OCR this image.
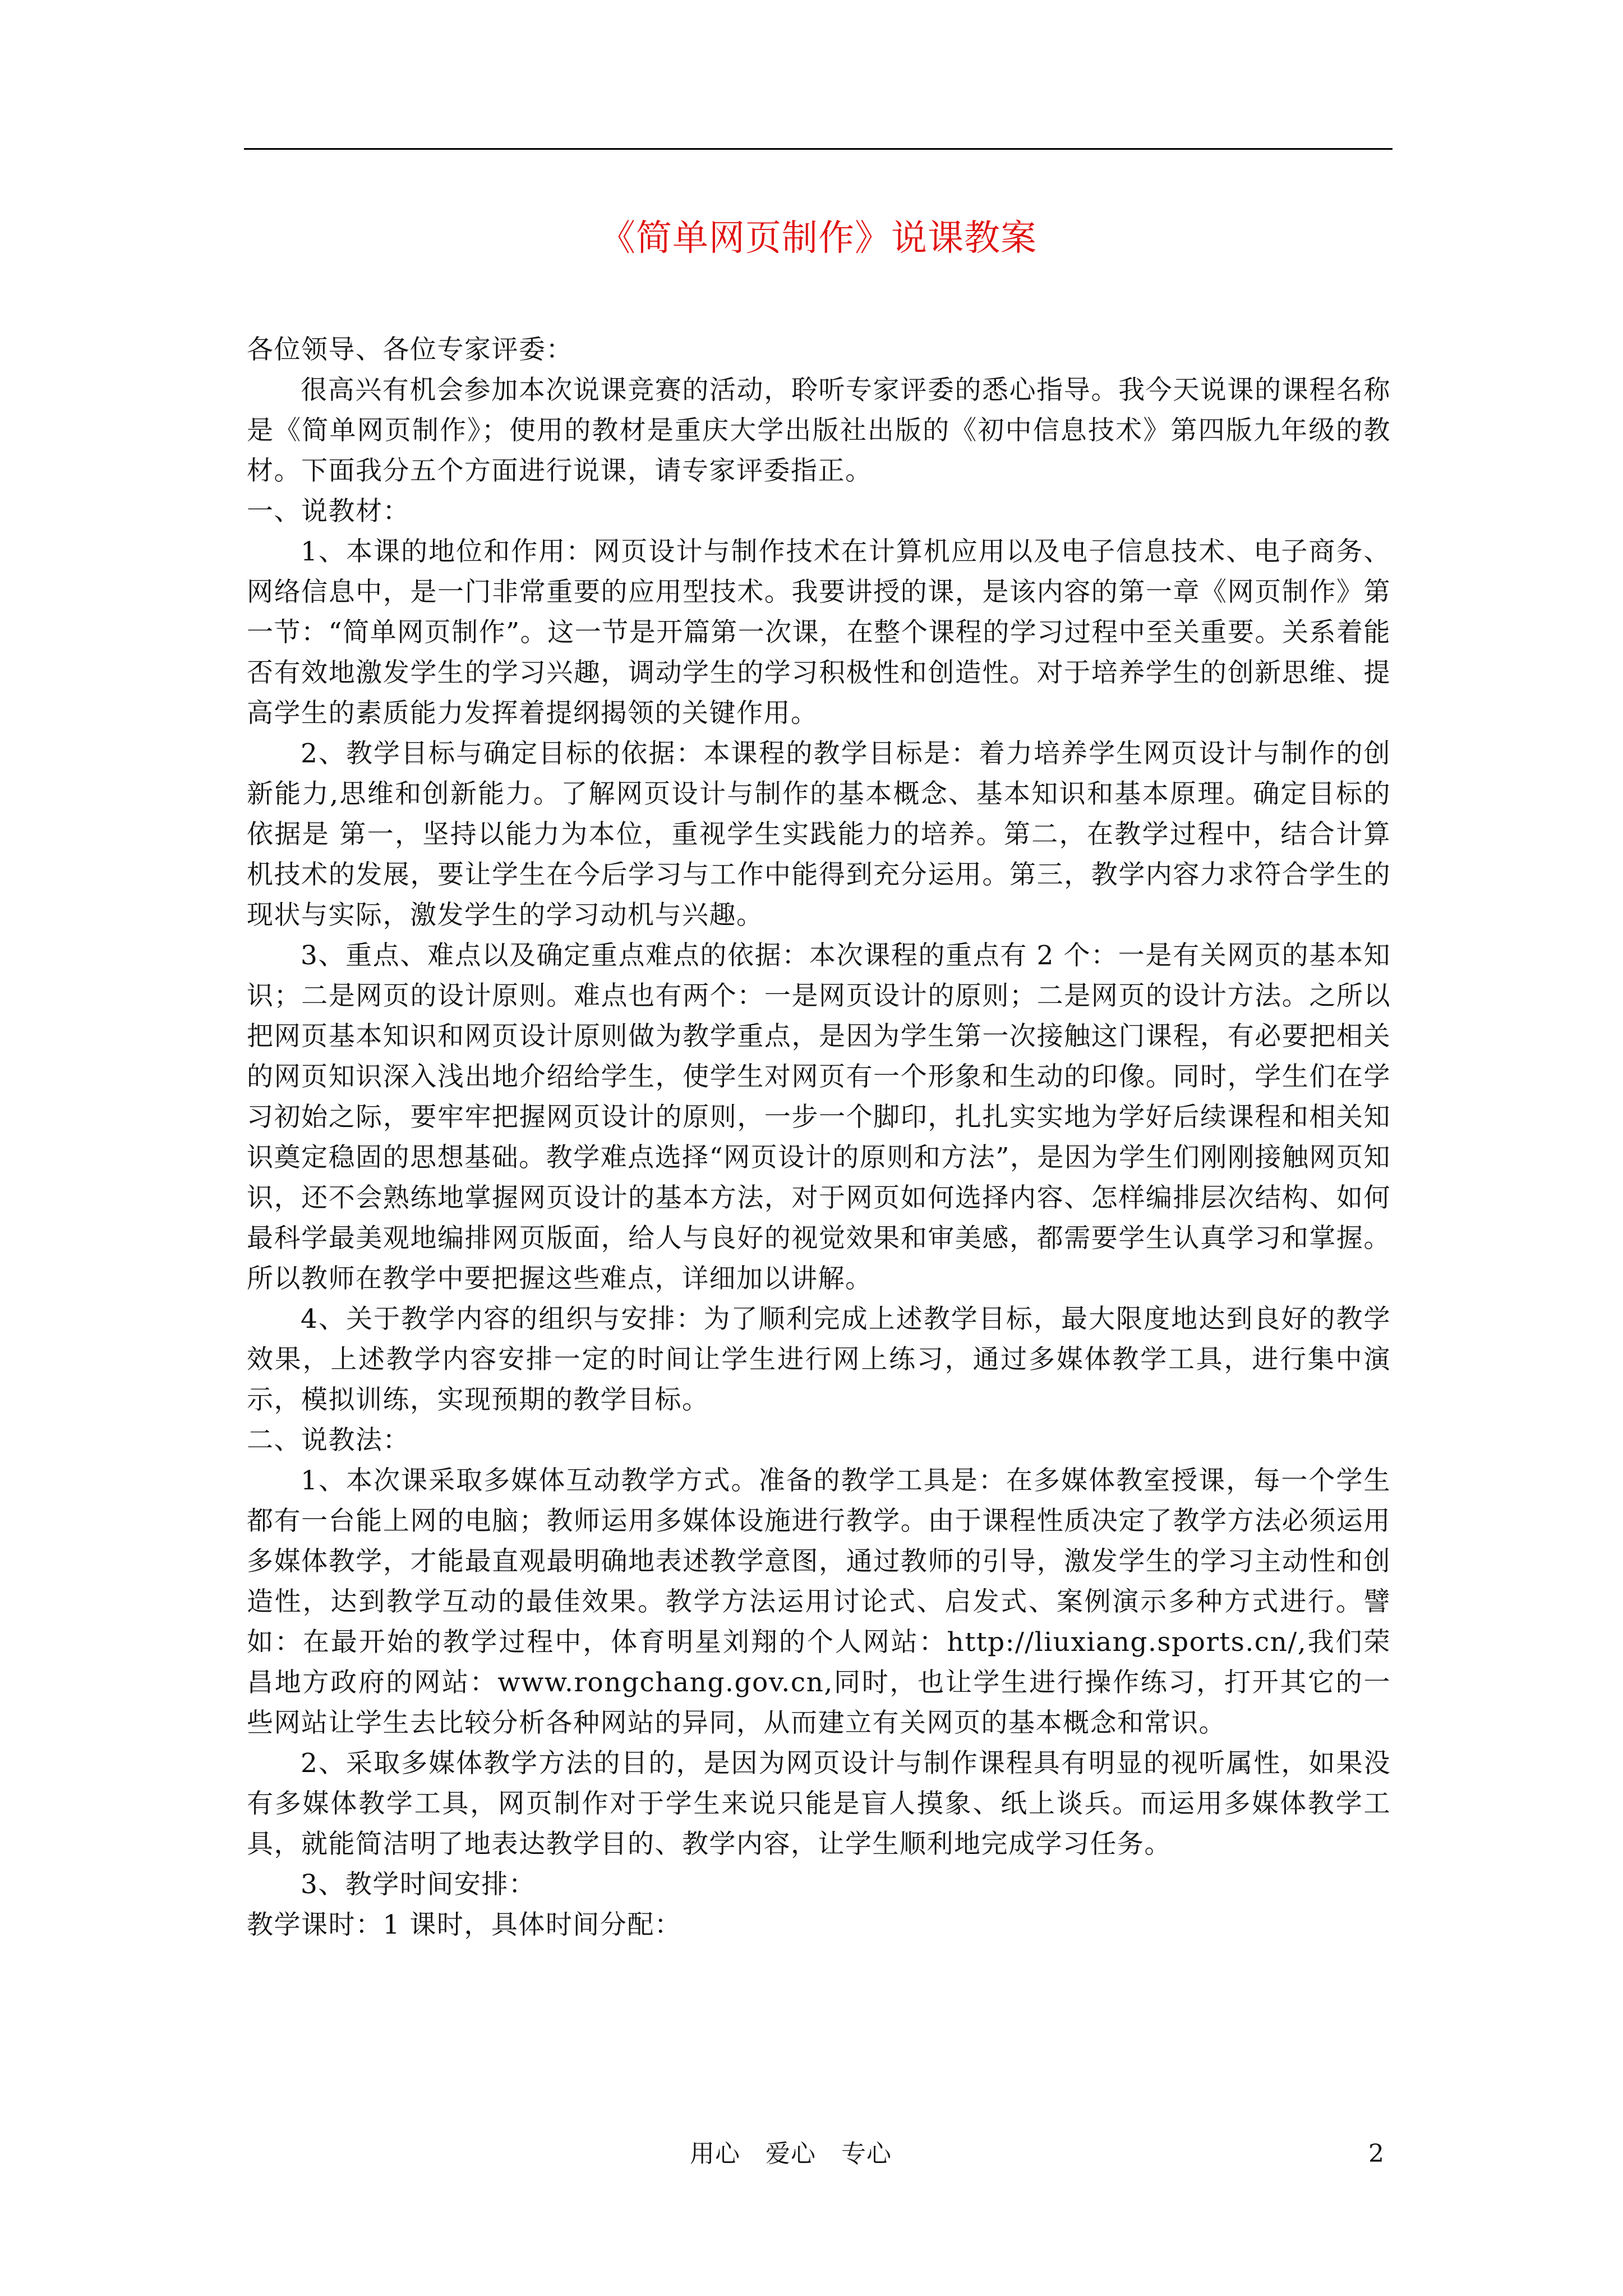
《简单网页制作》说课教案

各位领导、各位专家评委：

很高兴有机会参加本次说课竞赛的活动，聆听专家评委的悉心指导。我今天说课的课程名称是《简单网页制作》；使用的教材是重庆大学出版社出版的《初中信息技术》第四版九年级的教材。下面我分五个方面进行说课，请专家评委指正。

一、说教材：

1、本课的地位和作用：网页设计与制作技术在计算机应用以及电子信息技术、电子商务、网络信息中，是一门非常重要的应用型技术。我要讲授的课，是该内容的第一章《网页制作》第一节：“简单网页制作”。这一节是开篇第一次课，在整个课程的学习过程中至关重要。关系着能否有效地激发学生的学习兴趣，调动学生的学习积极性和创造性。对于培养学生的创新思维、提高学生的素质能力发挥着提纲揭领的关键作用。

2、教学目标与确定目标的依据：本课程的教学目标是：着力培养学生网页设计与制作的创新能力,思维和创新能力。了解网页设计与制作的基本概念、基本知识和基本原理。确定目标的依据是 第一，坚持以能力为本位，重视学生实践能力的培养。第二，在教学过程中，结合计算机技术的发展，要让学生在今后学习与工作中能得到充分运用。第三，教学内容力求符合学生的现状与实际，激发学生的学习动机与兴趣。

3、重点、难点以及确定重点难点的依据：本次课程的重点有 2 个：一是有关网页的基本知识；二是网页的设计原则。难点也有两个：一是网页设计的原则；二是网页的设计方法。之所以把网页基本知识和网页设计原则做为教学重点，是因为学生第一次接触这门课程，有必要把相关的网页知识深入浅出地介绍给学生，使学生对网页有一个形象和生动的印像。同时，学生们在学习初始之际，要牢牢把握网页设计的原则，一步一个脚印，扎扎实实地为学好后续课程和相关知识奠定稳固的思想基础。教学难点选择“网页设计的原则和方法”，是因为学生们刚刚接触网页知识，还不会熟练地掌握网页设计的基本方法，对于网页如何选择内容、怎样编排层次结构、如何最科学最美观地编排网页版面，给人与良好的视觉效果和审美感，都需要学生认真学习和掌握。所以教师在教学中要把握这些难点，详细加以讲解。

4、关于教学内容的组织与安排：为了顺利完成上述教学目标，最大限度地达到良好的教学效果，上述教学内容安排一定的时间让学生进行网上练习，通过多媒体教学工具，进行集中演示，模拟训练，实现预期的教学目标。

二、说教法：

1、本次课采取多媒体互动教学方式。准备的教学工具是：在多媒体教室授课，每一个学生都有一台能上网的电脑；教师运用多媒体设施进行教学。由于课程性质决定了教学方法必须运用多媒体教学，才能最直观最明确地表述教学意图，通过教师的引导，激发学生的学习主动性和创造性，达到教学互动的最佳效果。教学方法运用讨论式、启发式、案例演示多种方式进行。譬如：在最开始的教学过程中，体育明星刘翔的个人网站：http://liuxiang.sports.cn/,我们荣昌地方政府的网站：www.rongchang.gov.cn,同时，也让学生进行操作练习，打开其它的一些网站让学生去比较分析各种网站的异同，从而建立有关网页的基本概念和常识。

2、采取多媒体教学方法的目的，是因为网页设计与制作课程具有明显的视听属性，如果没有多媒体教学工具，网页制作对于学生来说只能是盲人摸象、纸上谈兵。而运用多媒体教学工具，就能简洁明了地表达教学目的、教学内容，让学生顺利地完成学习任务。

3、教学时间安排：

教学课时：1 课时，具体时间分配：

用心　爱心　专心	2
